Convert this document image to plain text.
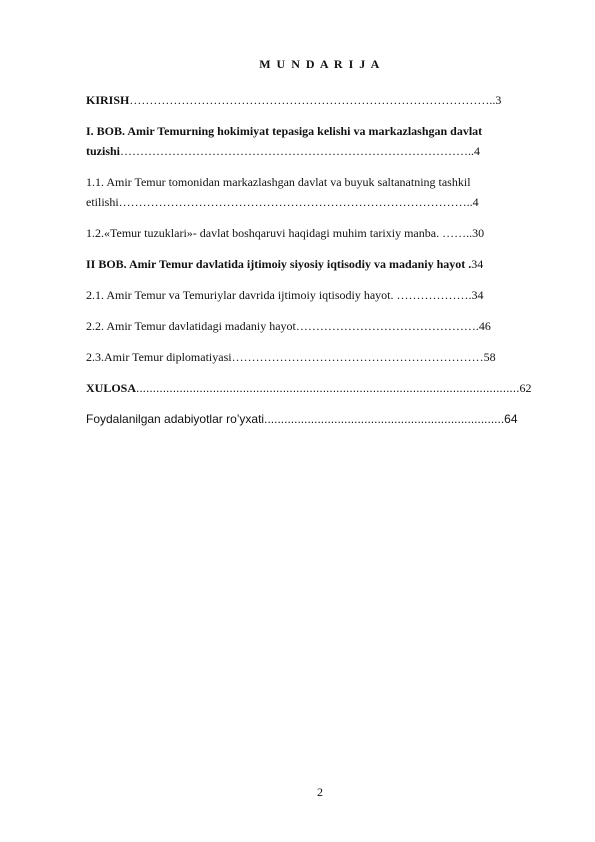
M U N D A R I J A

KIRISH………………………………………………………………………………..3

I. BOB. Amir Temurning hokimiyat tepasiga kelishi va markazlashgan davlat
tuzishi……………………………………………………………………………..4

1.1. Amir Temur tomonidan markazlashgan davlat va buyuk saltanatning tashkil
etilishi……………………………………………………………………………..4

1.2.«Temur tuzuklari»- davlat boshqaruvi haqidagi muhim tarixiy manba. ……..30

II BOB. Amir Temur davlatida ijtimoiy siyosiy iqtisodiy va madaniy hayot .34

2.1. Amir Temur va Temuriylar davrida ijtimoiy iqtisodiy hayot. ……………….34

2.2. Amir Temur davlatidagi madaniy hayot……………………………………….46

2.3.Amir Temur diplomatiyasi………………………………………………………58

XULOSA...................................................................................................................62

Foydalanilgan adabiyotlar ro’yxati........................................................................64

2
